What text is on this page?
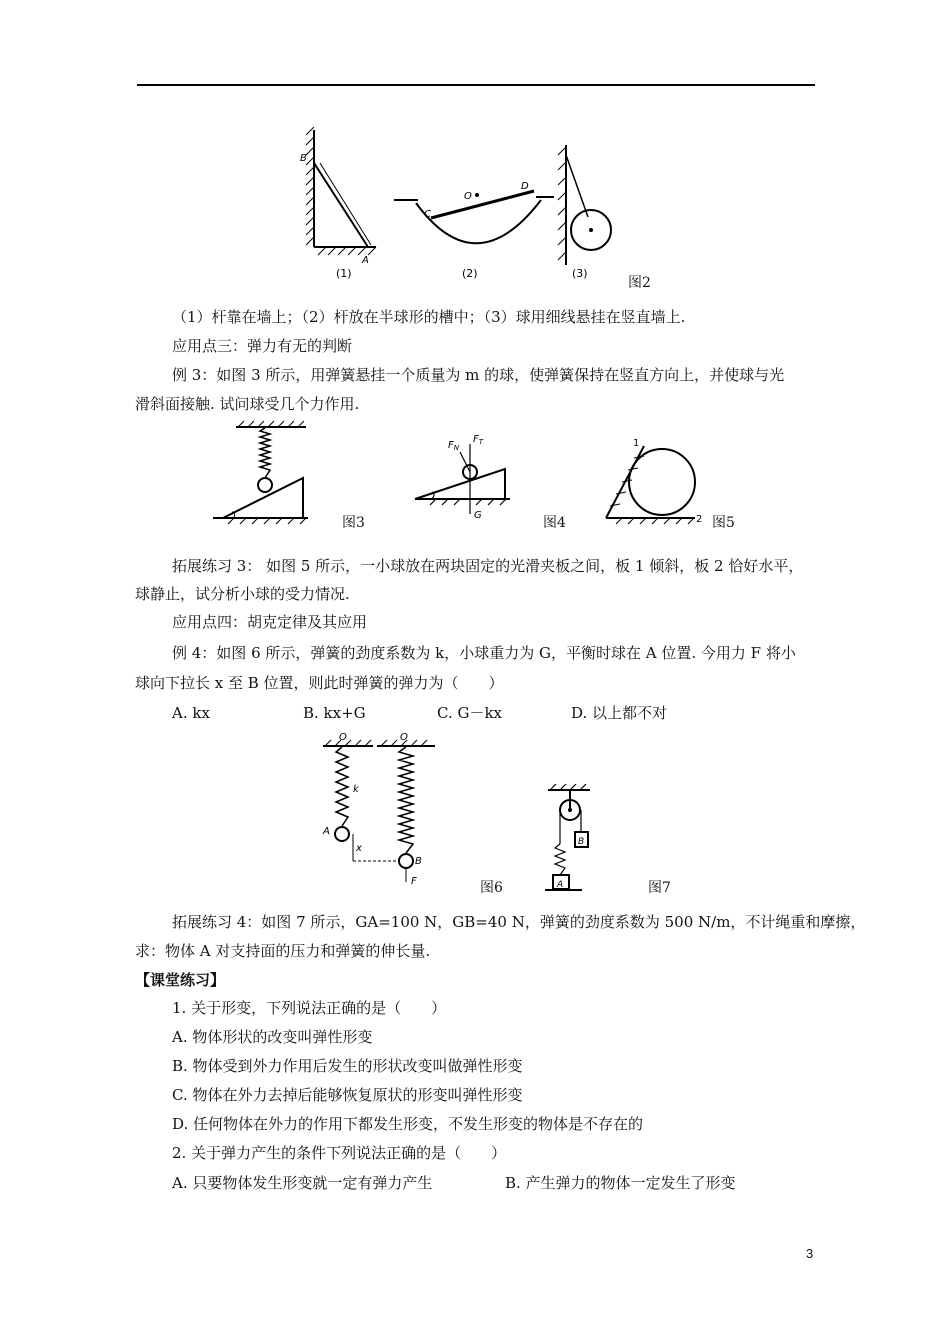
B
A
C
O
D
(1)	(2)	(3)
图2
（1）杆靠在墙上；（2）杆放在半球形的槽中；（3）球用细线悬挂在竖直墙上.
应用点三：弹力有无的判断
例 3：如图 3 所示，用弹簧悬挂一个质量为 m 的球，使弹簧保持在竖直方向上，并使球与光
滑斜面接触. 试问球受几个力作用.
图3
$F_N$
$F_T$
G	图4
1
2 图5
拓展练习 3： 如图 5 所示，一小球放在两块固定的光滑夹板之间，板 1 倾斜，板 2 恰好水平，
球静止，试分析小球的受力情况.
应用点四：胡克定律及其应用
例 4：如图 6 所示，弹簧的劲度系数为 k，小球重力为 G，平衡时球在 A 位置. 今用力 F 将小
球向下拉长 x 至 B 位置，则此时弹簧的弹力为（　　）
A. kx	B. kx+G	C. G－kx	D. 以上都不对
O	O
k
A
B
F
x
图6
B
A	图7
拓展练习 4：如图 7 所示，GA=100 N，GB=40 N，弹簧的劲度系数为 500 N/m，不计绳重和摩擦，
求：物体 A 对支持面的压力和弹簧的伸长量.
【课堂练习】
1. 关于形变，下列说法正确的是（　　）
A. 物体形状的改变叫弹性形变
B. 物体受到外力作用后发生的形状改变叫做弹性形变
C. 物体在外力去掉后能够恢复原状的形变叫弹性形变
D. 任何物体在外力的作用下都发生形变，不发生形变的物体是不存在的
2. 关于弹力产生的条件下列说法正确的是（　　）
A. 只要物体发生形变就一定有弹力产生	B. 产生弹力的物体一定发生了形变
3
